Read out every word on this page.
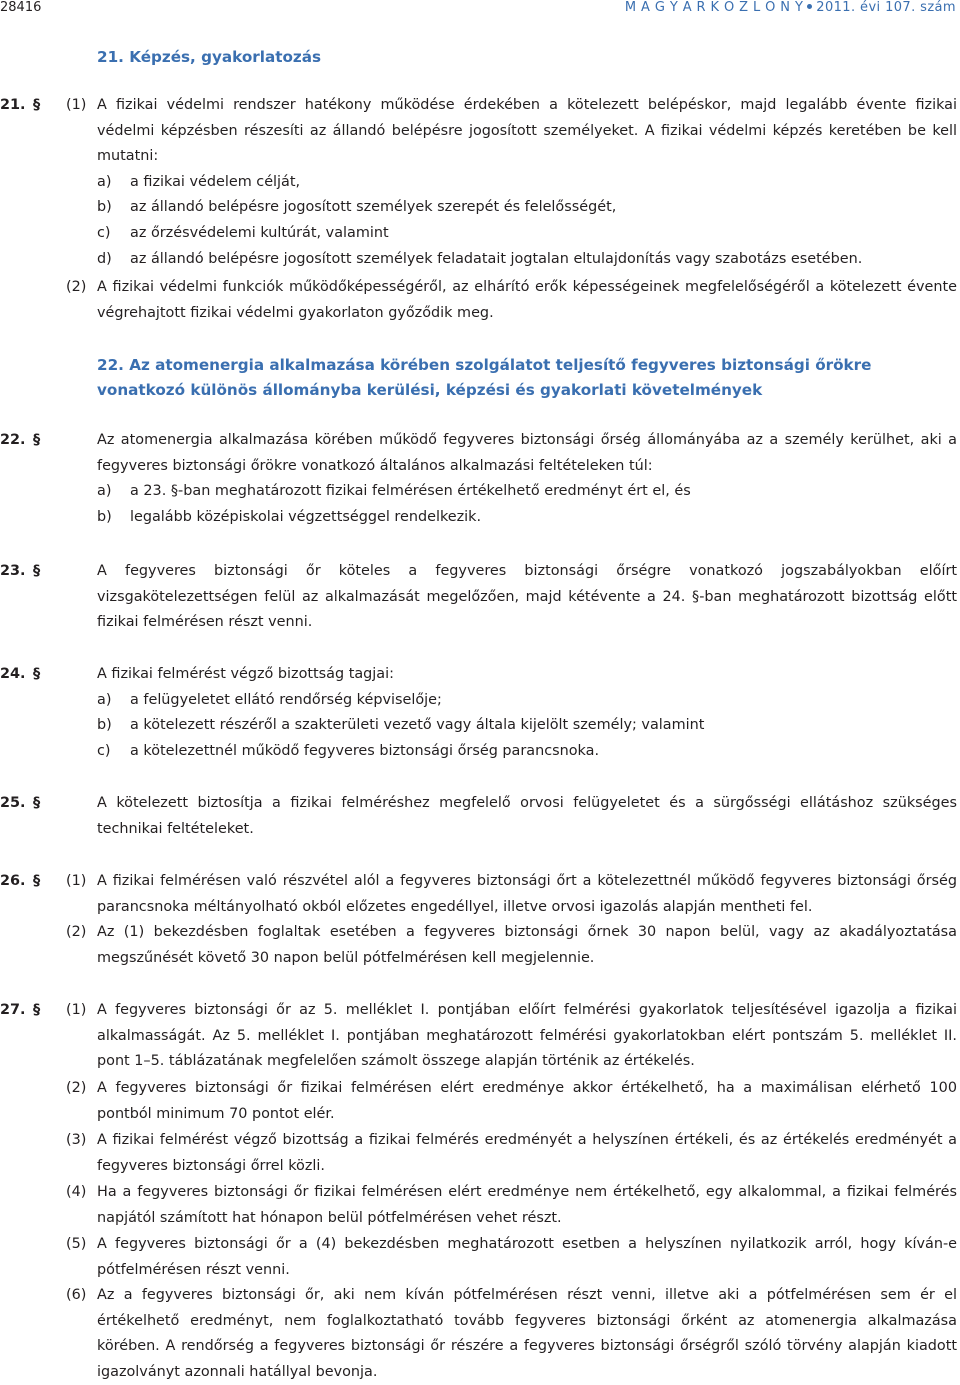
28416	M A G Y A R K Ö Z L Ö N Y 2011. évi 107. szám
21. Képzés, gyakorlatozás
21. § (1) A fizikai védelmi rendszer hatékony működése érdekében a kötelezett belépéskor, majd legalább évente fizikai védelmi képzésben részesíti az állandó belépésre jogosított személyeket. A fizikai védelmi képzés keretében be kell mutatni:

a) a fizikai védelem célját,

b) az állandó belépésre jogosított személyek szerepét és felelősségét,

c) az őrzésvédelemi kultúrát, valamint

d) az állandó belépésre jogosított személyek feladatait jogtalan eltulajdonítás vagy szabotázs esetében.

(2) A fizikai védelmi funkciók működőképességéről, az elhárító erők képességeinek megfelelőségéről a kötelezett évente végrehajtott fizikai védelmi gyakorlaton győződik meg.
22. Az atomenergia alkalmazása körében szolgálatot teljesítő fegyveres biztonsági őrökre vonatkozó különös állományba kerülési, képzési és gyakorlati követelmények
22. §	Az atomenergia alkalmazása körében működő fegyveres biztonsági őrség állományába az a személy kerülhet, aki a fegyveres biztonsági őrökre vonatkozó általános alkalmazási feltételeken túl:

a) a 23. §-ban meghatározott fizikai felmérésen értékelhető eredményt ért el, és

b) legalább középiskolai végzettséggel rendelkezik.

23. §	A fegyveres biztonsági őr köteles a fegyveres biztonsági őrségre vonatkozó jogszabályokban előírt vizsgakötelezettségen felül az alkalmazását megelőzően, majd kétévente a 24. §-ban meghatározott bizottság előtt fizikai felmérésen részt venni.
24. §	A fizikai felmérést végző bizottság tagjai:

a) a felügyeletet ellátó rendőrség képviselője;

b) a kötelezett részéről a szakterületi vezető vagy általa kijelölt személy; valamint

c) a kötelezettnél működő fegyveres biztonsági őrség parancsnoka.

25. §	A kötelezett biztosítja a fizikai felméréshez megfelelő orvosi felügyeletet és a sürgősségi ellátáshoz szükséges technikai feltételeket.
26. § (1) A fizikai felmérésen való részvétel alól a fegyveres biztonsági őrt a kötelezettnél működő fegyveres biztonsági őrség parancsnoka méltányolható okból előzetes engedéllyel, illetve orvosi igazolás alapján mentheti fel.
(2) Az (1) bekezdésben foglaltak esetében a fegyveres biztonsági őrnek 30 napon belül, vagy az akadályoztatása megszűnését követő 30 napon belül pótfelmérésen kell megjelennie.
27. § (1) A fegyveres biztonsági őr az 5. melléklet I. pontjában előírt felmérési gyakorlatok teljesítésével igazolja a fizikai alkalmasságát. Az 5. melléklet I. pontjában meghatározott felmérési gyakorlatokban elért pontszám 5. melléklet II. pont 1–5. táblázatának megfelelően számolt összege alapján történik az értékelés.
(2) A fegyveres biztonsági őr fizikai felmérésen elért eredménye akkor értékelhető, ha a maximálisan elérhető 100 pontból minimum 70 pontot elér.
(3) A fizikai felmérést végző bizottság a fizikai felmérés eredményét a helyszínen értékeli, és az értékelés eredményét a fegyveres biztonsági őrrel közli.
(4) Ha a fegyveres biztonsági őr fizikai felmérésen elért eredménye nem értékelhető, egy alkalommal, a fizikai felmérés napjától számított hat hónapon belül pótfelmérésen vehet részt.
(5) A fegyveres biztonsági őr a (4) bekezdésben meghatározott esetben a helyszínen nyilatkozik arról, hogy kíván-e pótfelmérésen részt venni.
(6) Az a fegyveres biztonsági őr, aki nem kíván pótfelmérésen részt venni, illetve aki a pótfelmérésen sem ér el értékelhető eredményt, nem foglalkoztatható tovább fegyveres biztonsági őrként az atomenergia alkalmazása körében. A rendőrség a fegyveres biztonsági őr részére a fegyveres biztonsági őrségről szóló törvény alapján kiadott igazolványt azonnali hatállyal bevonja.
